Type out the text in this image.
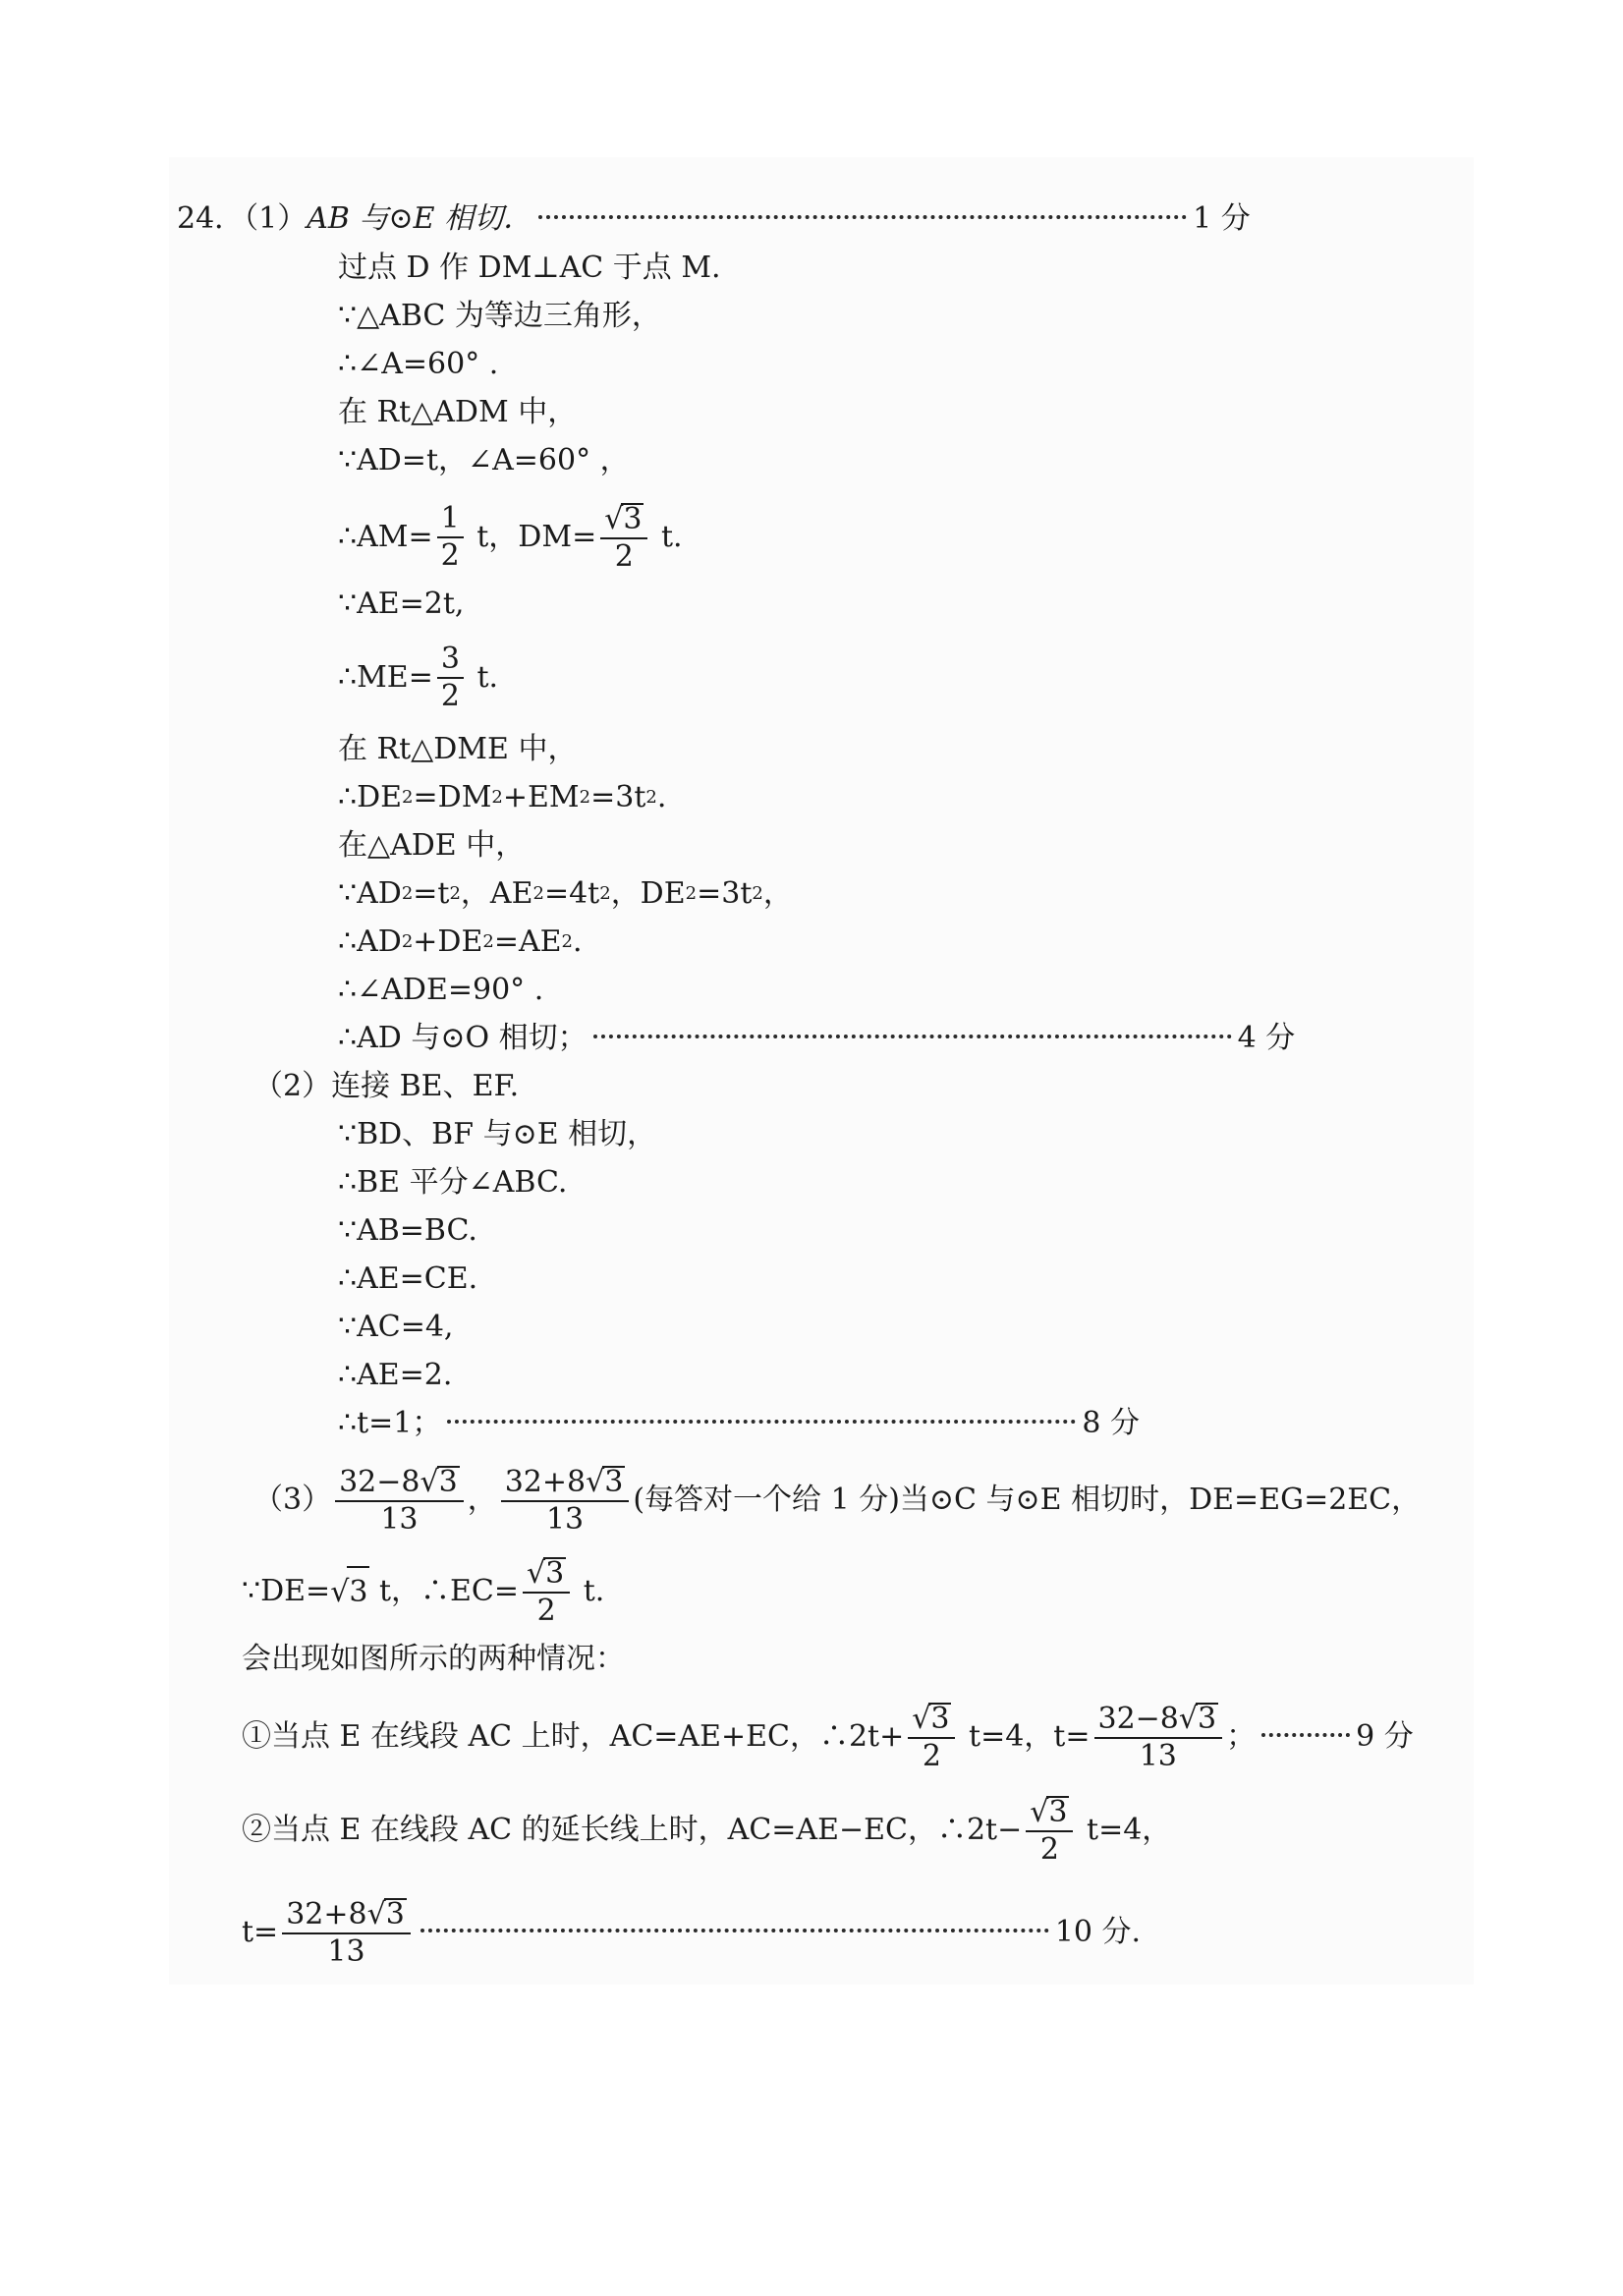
24．（1） AB 与⊙E 相切．	1 分
过点 D 作 DM⊥AC 于点 M.
∵△ABC 为等边三角形，
∴∠A=60° .
在 Rt△ADM 中，
∵AD=t，∠A=60° ，
∴AM= $\frac{1}{2}$ t，$DM= \frac{√ 3}{2} t$.
∵AE=2t,
∴ME= $\frac{3}{2} t$.
在 Rt△DME 中，
∴DE 2 =DM 2 +EM 2 =3t 2 .
在△ADE 中，
∵AD 2 =t 2 ，AE 2 =4t 2 ，DE 2 =3t 2 ，
∴AD 2 +DE 2 =AE 2 .
∴∠ADE=90° .
∴AD 与⊙O 相切；	4 分
（2）连接 BE、EF.
∵BD、BF 与⊙E 相切，
∴BE 平分∠ABC.
∵AB=BC.
∴AE=CE.
∵AC=4,
∴AE=2.
∴t=1；	8 分
$(3) \frac{32-8 √ 3}{13}$ ， $\frac{32+8 √ 3}{13}$ (每答对一个给 1 分)当⊙C 与⊙E 相切时，DE=EG=2EC，
∵DE= √ 3 t，∴EC= $\frac{√ 3}{2} t$.
会出现如图所示的两种情况：
①当点 E 在线段 AC 上时，AC=AE+EC，∴2t+ $\frac{√ 3}{2} t=4$，$t= \frac{32-8 √ 3}{13}$ ；	9 分
②当点 E 在线段 AC 的延长线上时，AC=AE−EC，∴2t− $\frac{√ 3}{2} t=4$，
$t= \frac{32+8 √ 3}{13}$	10 分.
